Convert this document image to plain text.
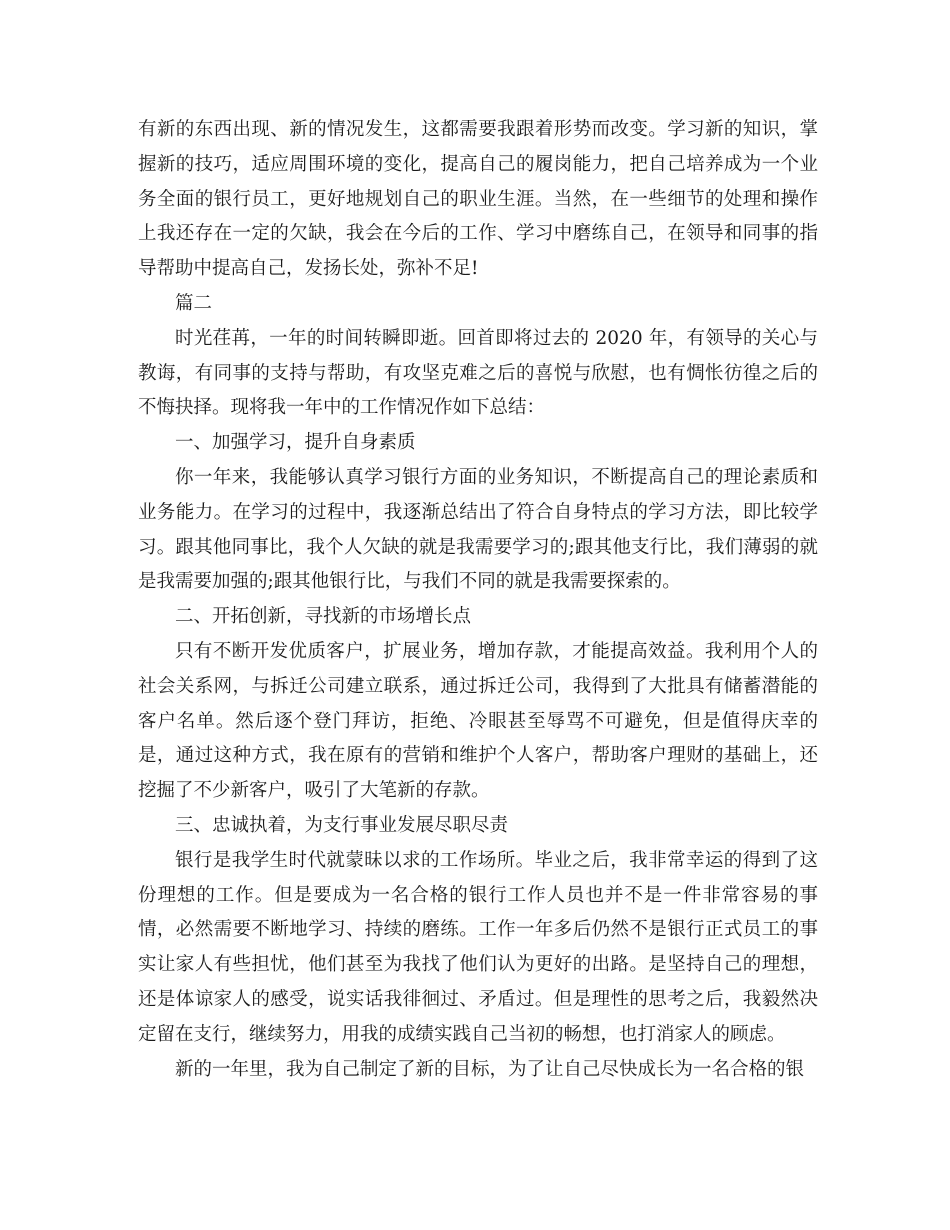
有新的东西出现、新的情况发生，这都需要我跟着形势而改变。学习新的知识，掌握新的技巧，适应周围环境的变化，提高自己的履岗能力，把自己培养成为一个业务全面的银行员工，更好地规划自己的职业生涯。当然，在一些细节的处理和操作上我还存在一定的欠缺，我会在今后的工作、学习中磨练自己，在领导和同事的指导帮助中提高自己，发扬长处，弥补不足!

篇二

时光荏苒，一年的时间转瞬即逝。回首即将过去的 2020 年，有领导的关心与教诲，有同事的支持与帮助，有攻坚克难之后的喜悦与欣慰，也有惆怅彷徨之后的不悔抉择。现将我一年中的工作情况作如下总结：

一、加强学习，提升自身素质

你一年来，我能够认真学习银行方面的业务知识，不断提高自己的理论素质和业务能力。在学习的过程中，我逐渐总结出了符合自身特点的学习方法，即比较学习。跟其他同事比，我个人欠缺的就是我需要学习的;跟其他支行比，我们薄弱的就是我需要加强的;跟其他银行比，与我们不同的就是我需要探索的。

二、开拓创新，寻找新的市场增长点

只有不断开发优质客户，扩展业务，增加存款，才能提高效益。我利用个人的社会关系网，与拆迁公司建立联系，通过拆迁公司，我得到了大批具有储蓄潜能的客户名单。然后逐个登门拜访，拒绝、冷眼甚至辱骂不可避免，但是值得庆幸的是，通过这种方式，我在原有的营销和维护个人客户，帮助客户理财的基础上，还挖掘了不少新客户，吸引了大笔新的存款。

三、忠诚执着，为支行事业发展尽职尽责

银行是我学生时代就蒙昧以求的工作场所。毕业之后，我非常幸运的得到了这份理想的工作。但是要成为一名合格的银行工作人员也并不是一件非常容易的事情，必然需要不断地学习、持续的磨练。工作一年多后仍然不是银行正式员工的事实让家人有些担忧，他们甚至为我找了他们认为更好的出路。是坚持自己的理想，还是体谅家人的感受，说实话我徘徊过、矛盾过。但是理性的思考之后，我毅然决定留在支行，继续努力，用我的成绩实践自己当初的畅想，也打消家人的顾虑。

新的一年里，我为自己制定了新的目标，为了让自己尽快成长为一名合格的银
